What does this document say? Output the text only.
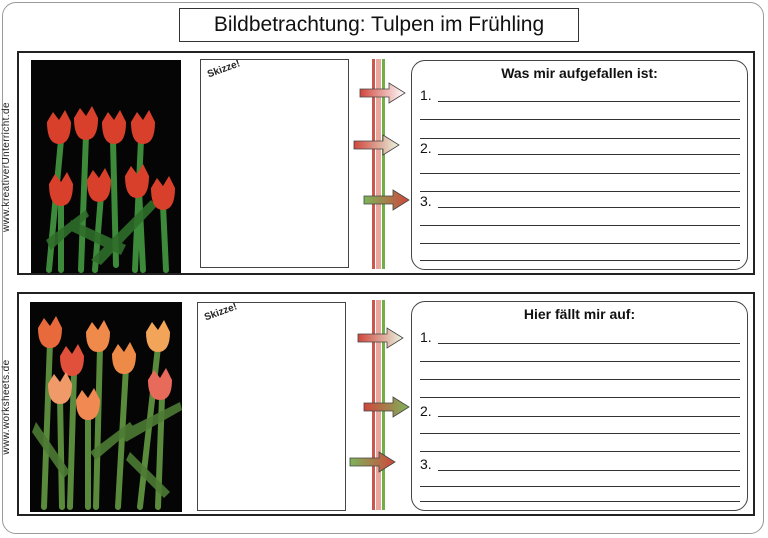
Bildbetrachtung: Tulpen im Frühling
www.kreativerUnterricht.de
www.worksheets.de
Skizze!	Was mir aufgefallen ist:
1.
2.
3.
Skizze!	Hier fällt mir auf:
1.
2.
3.
